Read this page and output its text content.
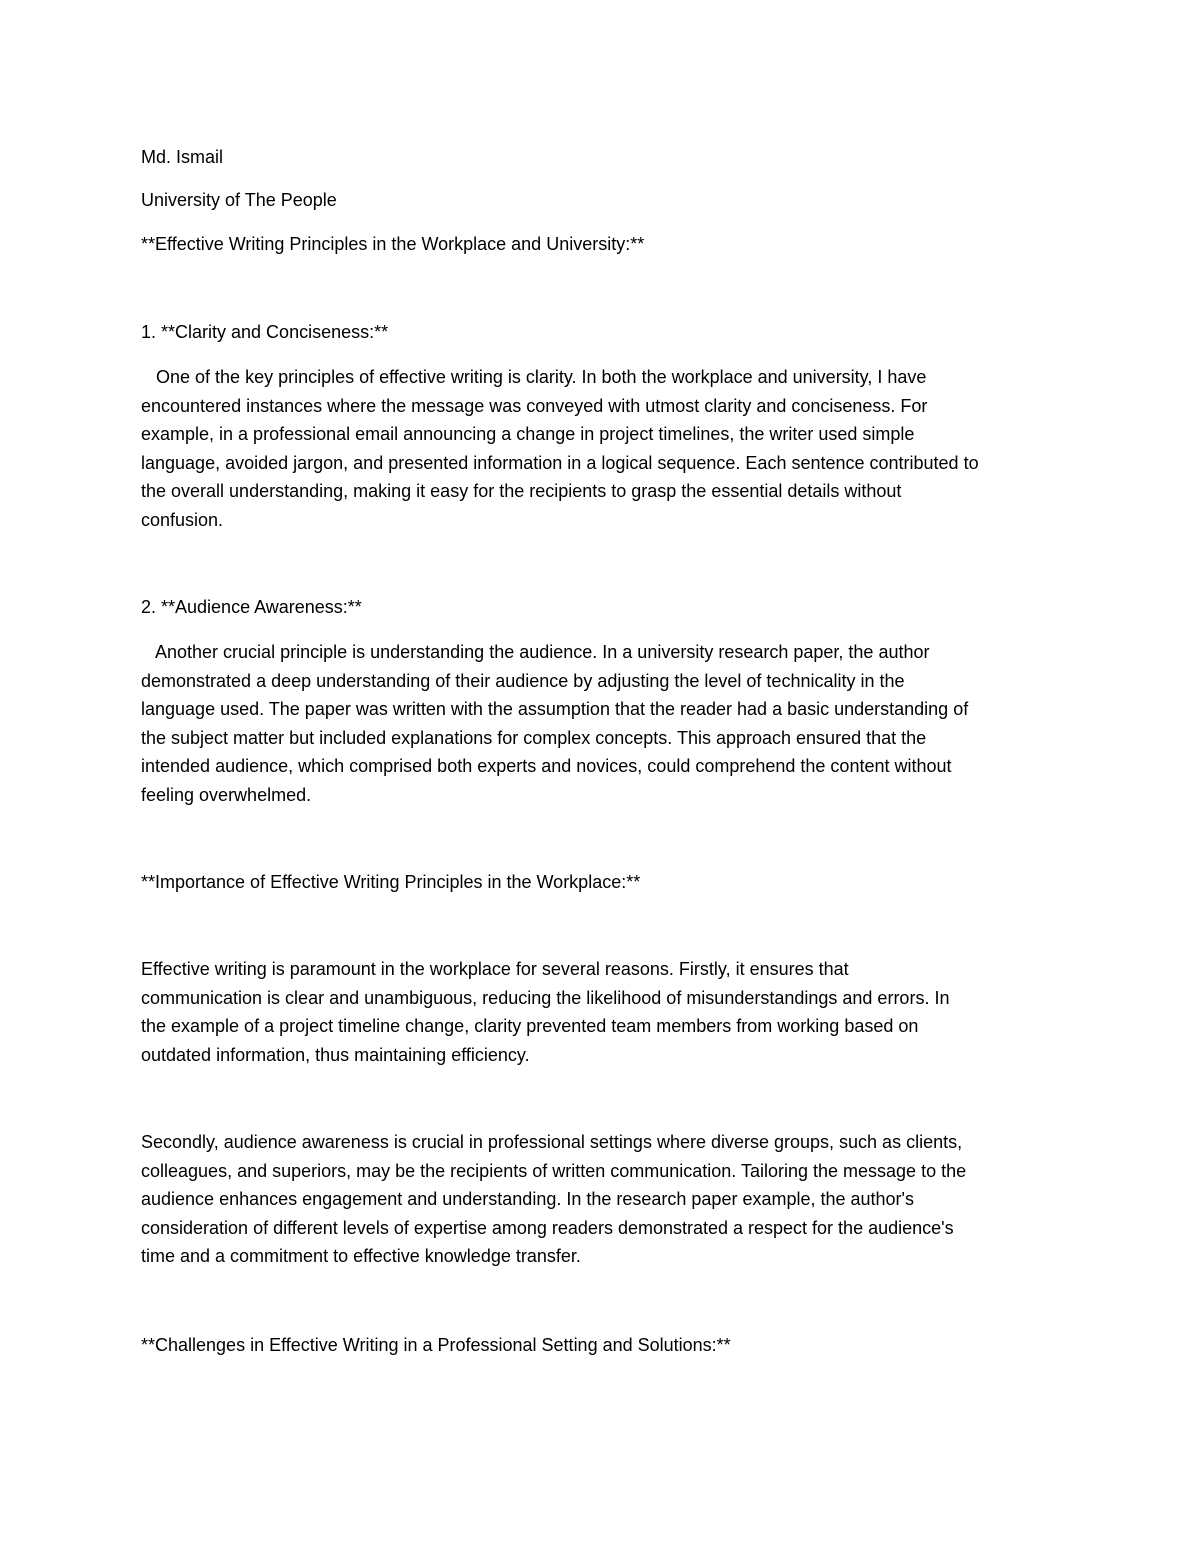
Md. Ismail

University of The People

**Effective Writing Principles in the Workplace and University:**

1. **Clarity and Conciseness:**

One of the key principles of effective writing is clarity. In both the workplace and university, I have
encountered instances where the message was conveyed with utmost clarity and conciseness. For
example, in a professional email announcing a change in project timelines, the writer used simple
language, avoided jargon, and presented information in a logical sequence. Each sentence contributed to
the overall understanding, making it easy for the recipients to grasp the essential details without
confusion.

2. **Audience Awareness:**

Another crucial principle is understanding the audience. In a university research paper, the author
demonstrated a deep understanding of their audience by adjusting the level of technicality in the
language used. The paper was written with the assumption that the reader had a basic understanding of
the subject matter but included explanations for complex concepts. This approach ensured that the
intended audience, which comprised both experts and novices, could comprehend the content without
feeling overwhelmed.

**Importance of Effective Writing Principles in the Workplace:**

Effective writing is paramount in the workplace for several reasons. Firstly, it ensures that
communication is clear and unambiguous, reducing the likelihood of misunderstandings and errors. In
the example of a project timeline change, clarity prevented team members from working based on
outdated information, thus maintaining efficiency.
Secondly, audience awareness is crucial in professional settings where diverse groups, such as clients,
colleagues, and superiors, may be the recipients of written communication. Tailoring the message to the
audience enhances engagement and understanding. In the research paper example, the author's
consideration of different levels of expertise among readers demonstrated a respect for the audience's
time and a commitment to effective knowledge transfer.

**Challenges in Effective Writing in a Professional Setting and Solutions:**
